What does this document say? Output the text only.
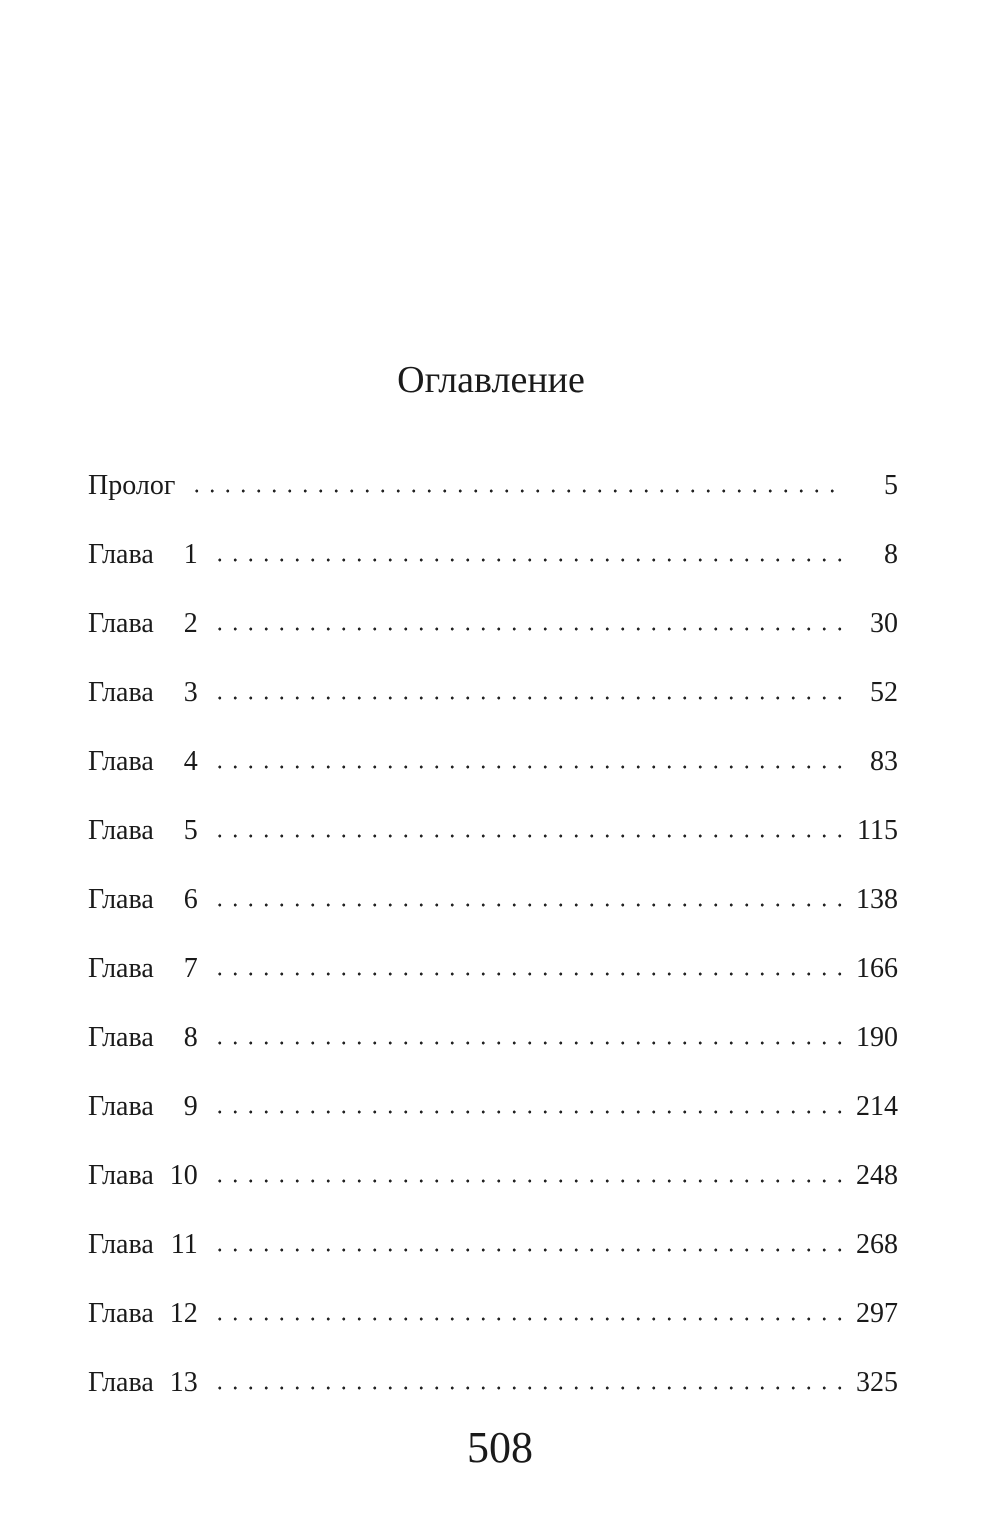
Оглавление
Пролог	5
Глава 1	8
Глава 2	30
Глава 3	52
Глава 4	83
Глава 5	115
Глава 6	138
Глава 7	166
Глава 8	190
Глава 9	214
Глава 10	248
Глава 11	268
Глава 12	297
Глава 13	325
508
